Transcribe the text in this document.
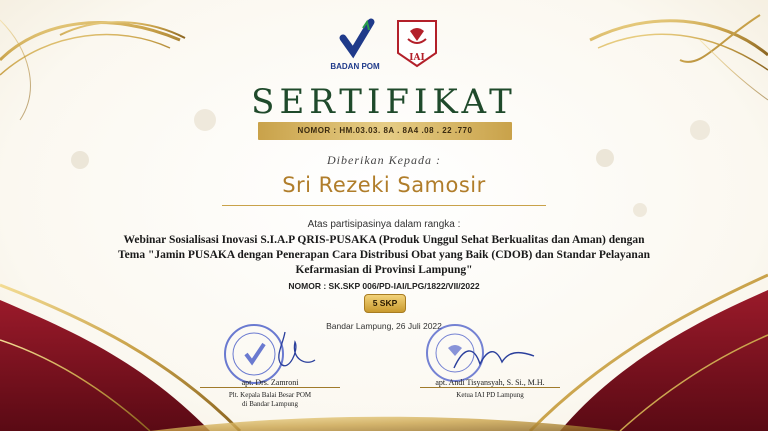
BADAN POM
IAI
SERTIFIKAT
NOMOR : HM.03.03. 8A . 8A4 .08 . 22 .770
Diberikan Kepada :
Sri Rezeki Samosir
Atas partisipasinya dalam rangka :
Webinar Sosialisasi Inovasi S.I.A.P QRIS-PUSAKA (Produk Unggul Sehat Berkualitas dan Aman) dengan
Tema "Jamin PUSAKA dengan Penerapan Cara Distribusi Obat yang Baik (CDOB) dan Standar Pelayanan
Kefarmasian di Provinsi Lampung"
NOMOR : SK.SKP 006/PD-IAI/LPG/1822/VII/2022
5 SKP
Bandar Lampung, 26 Juli 2022
apt. Drs. Zamroni
Plt. Kepala Balai Besar POM
di Bandar Lampung
apt. Andi Tisyansyah, S. Si., M.H.
Ketua IAI PD Lampung
